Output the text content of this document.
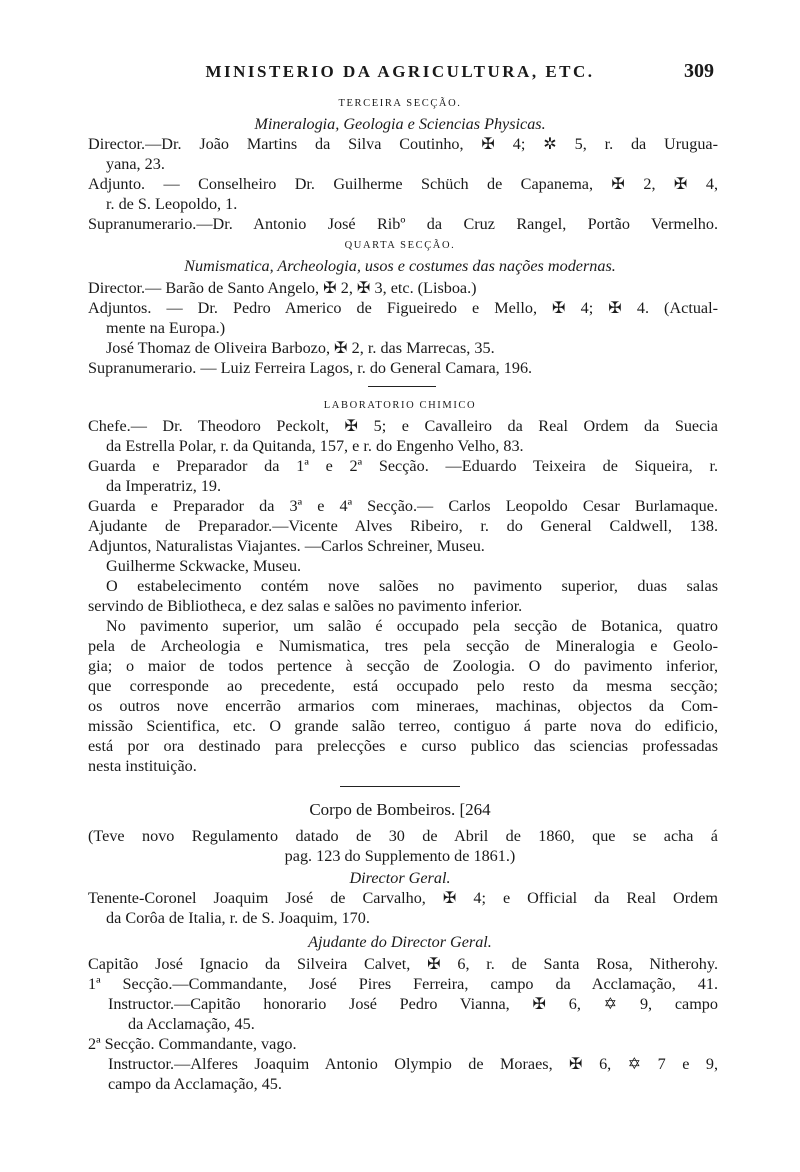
MINISTERIO DA AGRICULTURA, ETC.	309
TERCEIRA SECÇÃO.
Mineralogia, Geologia e Sciencias Physicas.
Director.—Dr. João Martins da Silva Coutinho, ✠ 4; ✲ 5, r. da Urugua-
yana, 23.
Adjunto. — Conselheiro Dr. Guilherme Schüch de Capanema, ✠ 2, ✠ 4,
r. de S. Leopoldo, 1.
Supranumerario.—Dr. Antonio José Ribº da Cruz Rangel, Portão Vermelho.
QUARTA SECÇÃO.
Numismatica, Archeologia, usos e costumes das nações modernas.
Director.— Barão de Santo Angelo, ✠ 2, ✠ 3, etc. (Lisboa.)
Adjuntos. — Dr. Pedro Americo de Figueiredo e Mello, ✠ 4; ✠ 4. (Actual-
mente na Europa.)
José Thomaz de Oliveira Barbozo, ✠ 2, r. das Marrecas, 35.
Supranumerario. — Luiz Ferreira Lagos, r. do General Camara, 196.
LABORATORIO CHIMICO
Chefe.— Dr. Theodoro Peckolt, ✠ 5; e Cavalleiro da Real Ordem da Suecia
da Estrella Polar, r. da Quitanda, 157, e r. do Engenho Velho, 83.
Guarda e Preparador da 1ª e 2ª Secção. —Eduardo Teixeira de Siqueira, r.
da Imperatriz, 19.
Guarda e Preparador da 3ª e 4ª Secção.— Carlos Leopoldo Cesar Burlamaque.
Ajudante de Preparador.—Vicente Alves Ribeiro, r. do General Caldwell, 138.
Adjuntos, Naturalistas Viajantes. —Carlos Schreiner, Museu.
Guilherme Sckwacke, Museu.
O estabelecimento contém nove salões no pavimento superior, duas salas
servindo de Bibliotheca, e dez salas e salões no pavimento inferior.
No pavimento superior, um salão é occupado pela secção de Botanica, quatro
pela de Archeologia e Numismatica, tres pela secção de Mineralogia e Geolo-
gia; o maior de todos pertence à secção de Zoologia. O do pavimento inferior,
que corresponde ao precedente, está occupado pelo resto da mesma secção;
os outros nove encerrão armarios com mineraes, machinas, objectos da Com-
missão Scientifica, etc. O grande salão terreo, contiguo á parte nova do edificio,
está por ora destinado para prelecções e curso publico das sciencias professadas
nesta instituição.
Corpo de Bombeiros. [264
(Teve novo Regulamento datado de 30 de Abril de 1860, que se acha á
pag. 123 do Supplemento de 1861.)
Director Geral.
Tenente-Coronel Joaquim José de Carvalho, ✠ 4; e Official da Real Ordem
da Corôa de Italia, r. de S. Joaquim, 170.
Ajudante do Director Geral.
Capitão José Ignacio da Silveira Calvet, ✠ 6, r. de Santa Rosa, Nitherohy.
1ª Secção.—Commandante, José Pires Ferreira, campo da Acclamação, 41.
Instructor.—Capitão honorario José Pedro Vianna, ✠ 6, ✡ 9, campo
da Acclamação, 45.
2ª Secção. Commandante, vago.
Instructor.—Alferes Joaquim Antonio Olympio de Moraes, ✠ 6, ✡ 7 e 9,
campo da Acclamação, 45.
